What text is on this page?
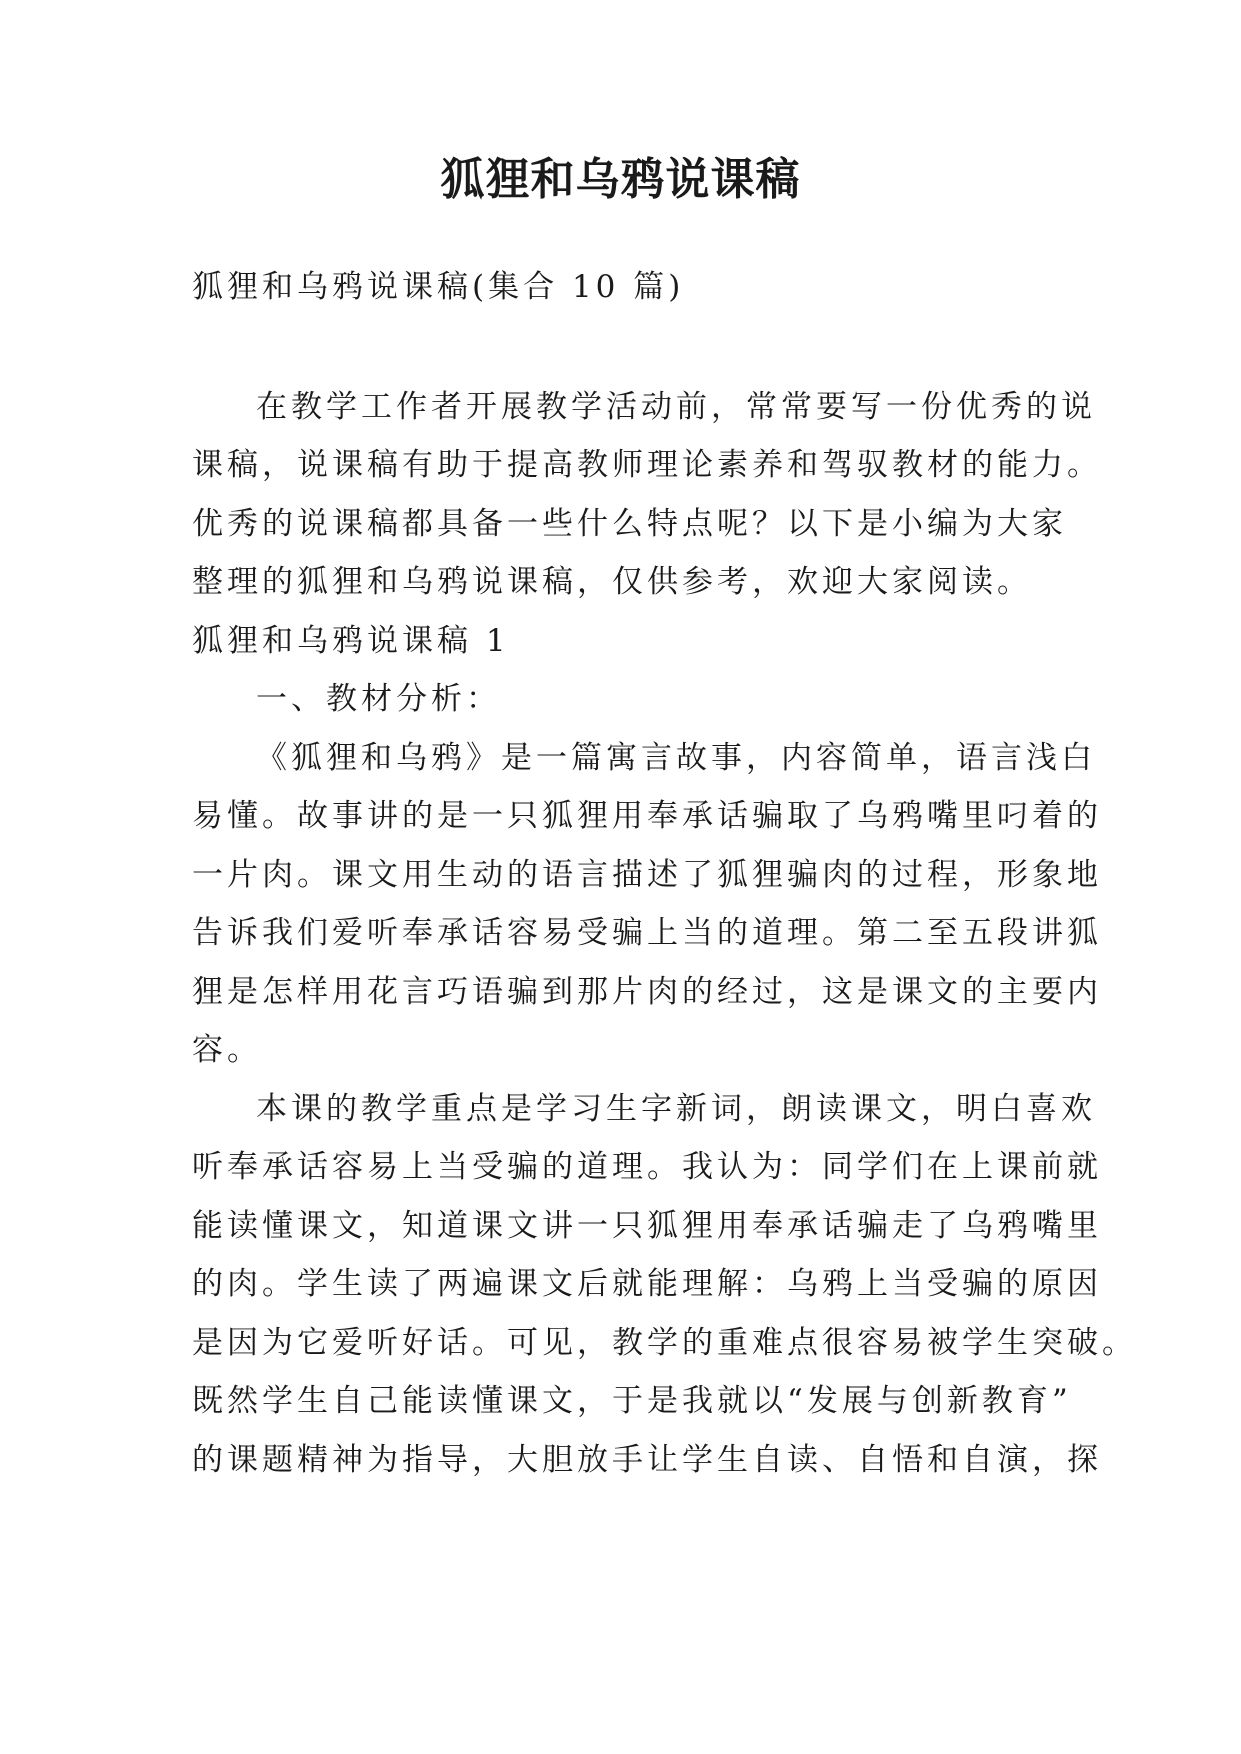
狐狸和乌鸦说课稿

狐狸和乌鸦说课稿(集合 10 篇)

在教学工作者开展教学活动前，常常要写一份优秀的说

课稿，说课稿有助于提高教师理论素养和驾驭教材的能力。

优秀的说课稿都具备一些什么特点呢？以下是小编为大家

整理的狐狸和乌鸦说课稿，仅供参考，欢迎大家阅读。

狐狸和乌鸦说课稿 1

一、教材分析：

《狐狸和乌鸦》是一篇寓言故事，内容简单，语言浅白

易懂。故事讲的是一只狐狸用奉承话骗取了乌鸦嘴里叼着的

一片肉。课文用生动的语言描述了狐狸骗肉的过程，形象地

告诉我们爱听奉承话容易受骗上当的道理。第二至五段讲狐

狸是怎样用花言巧语骗到那片肉的经过，这是课文的主要内

容。

本课的教学重点是学习生字新词，朗读课文，明白喜欢

听奉承话容易上当受骗的道理。我认为：同学们在上课前就

能读懂课文，知道课文讲一只狐狸用奉承话骗走了乌鸦嘴里

的肉。学生读了两遍课文后就能理解：乌鸦上当受骗的原因

是因为它爱听好话。可见，教学的重难点很容易被学生突破。

既然学生自己能读懂课文，于是我就以“发展与创新教育”

的课题精神为指导，大胆放手让学生自读、自悟和自演，探
